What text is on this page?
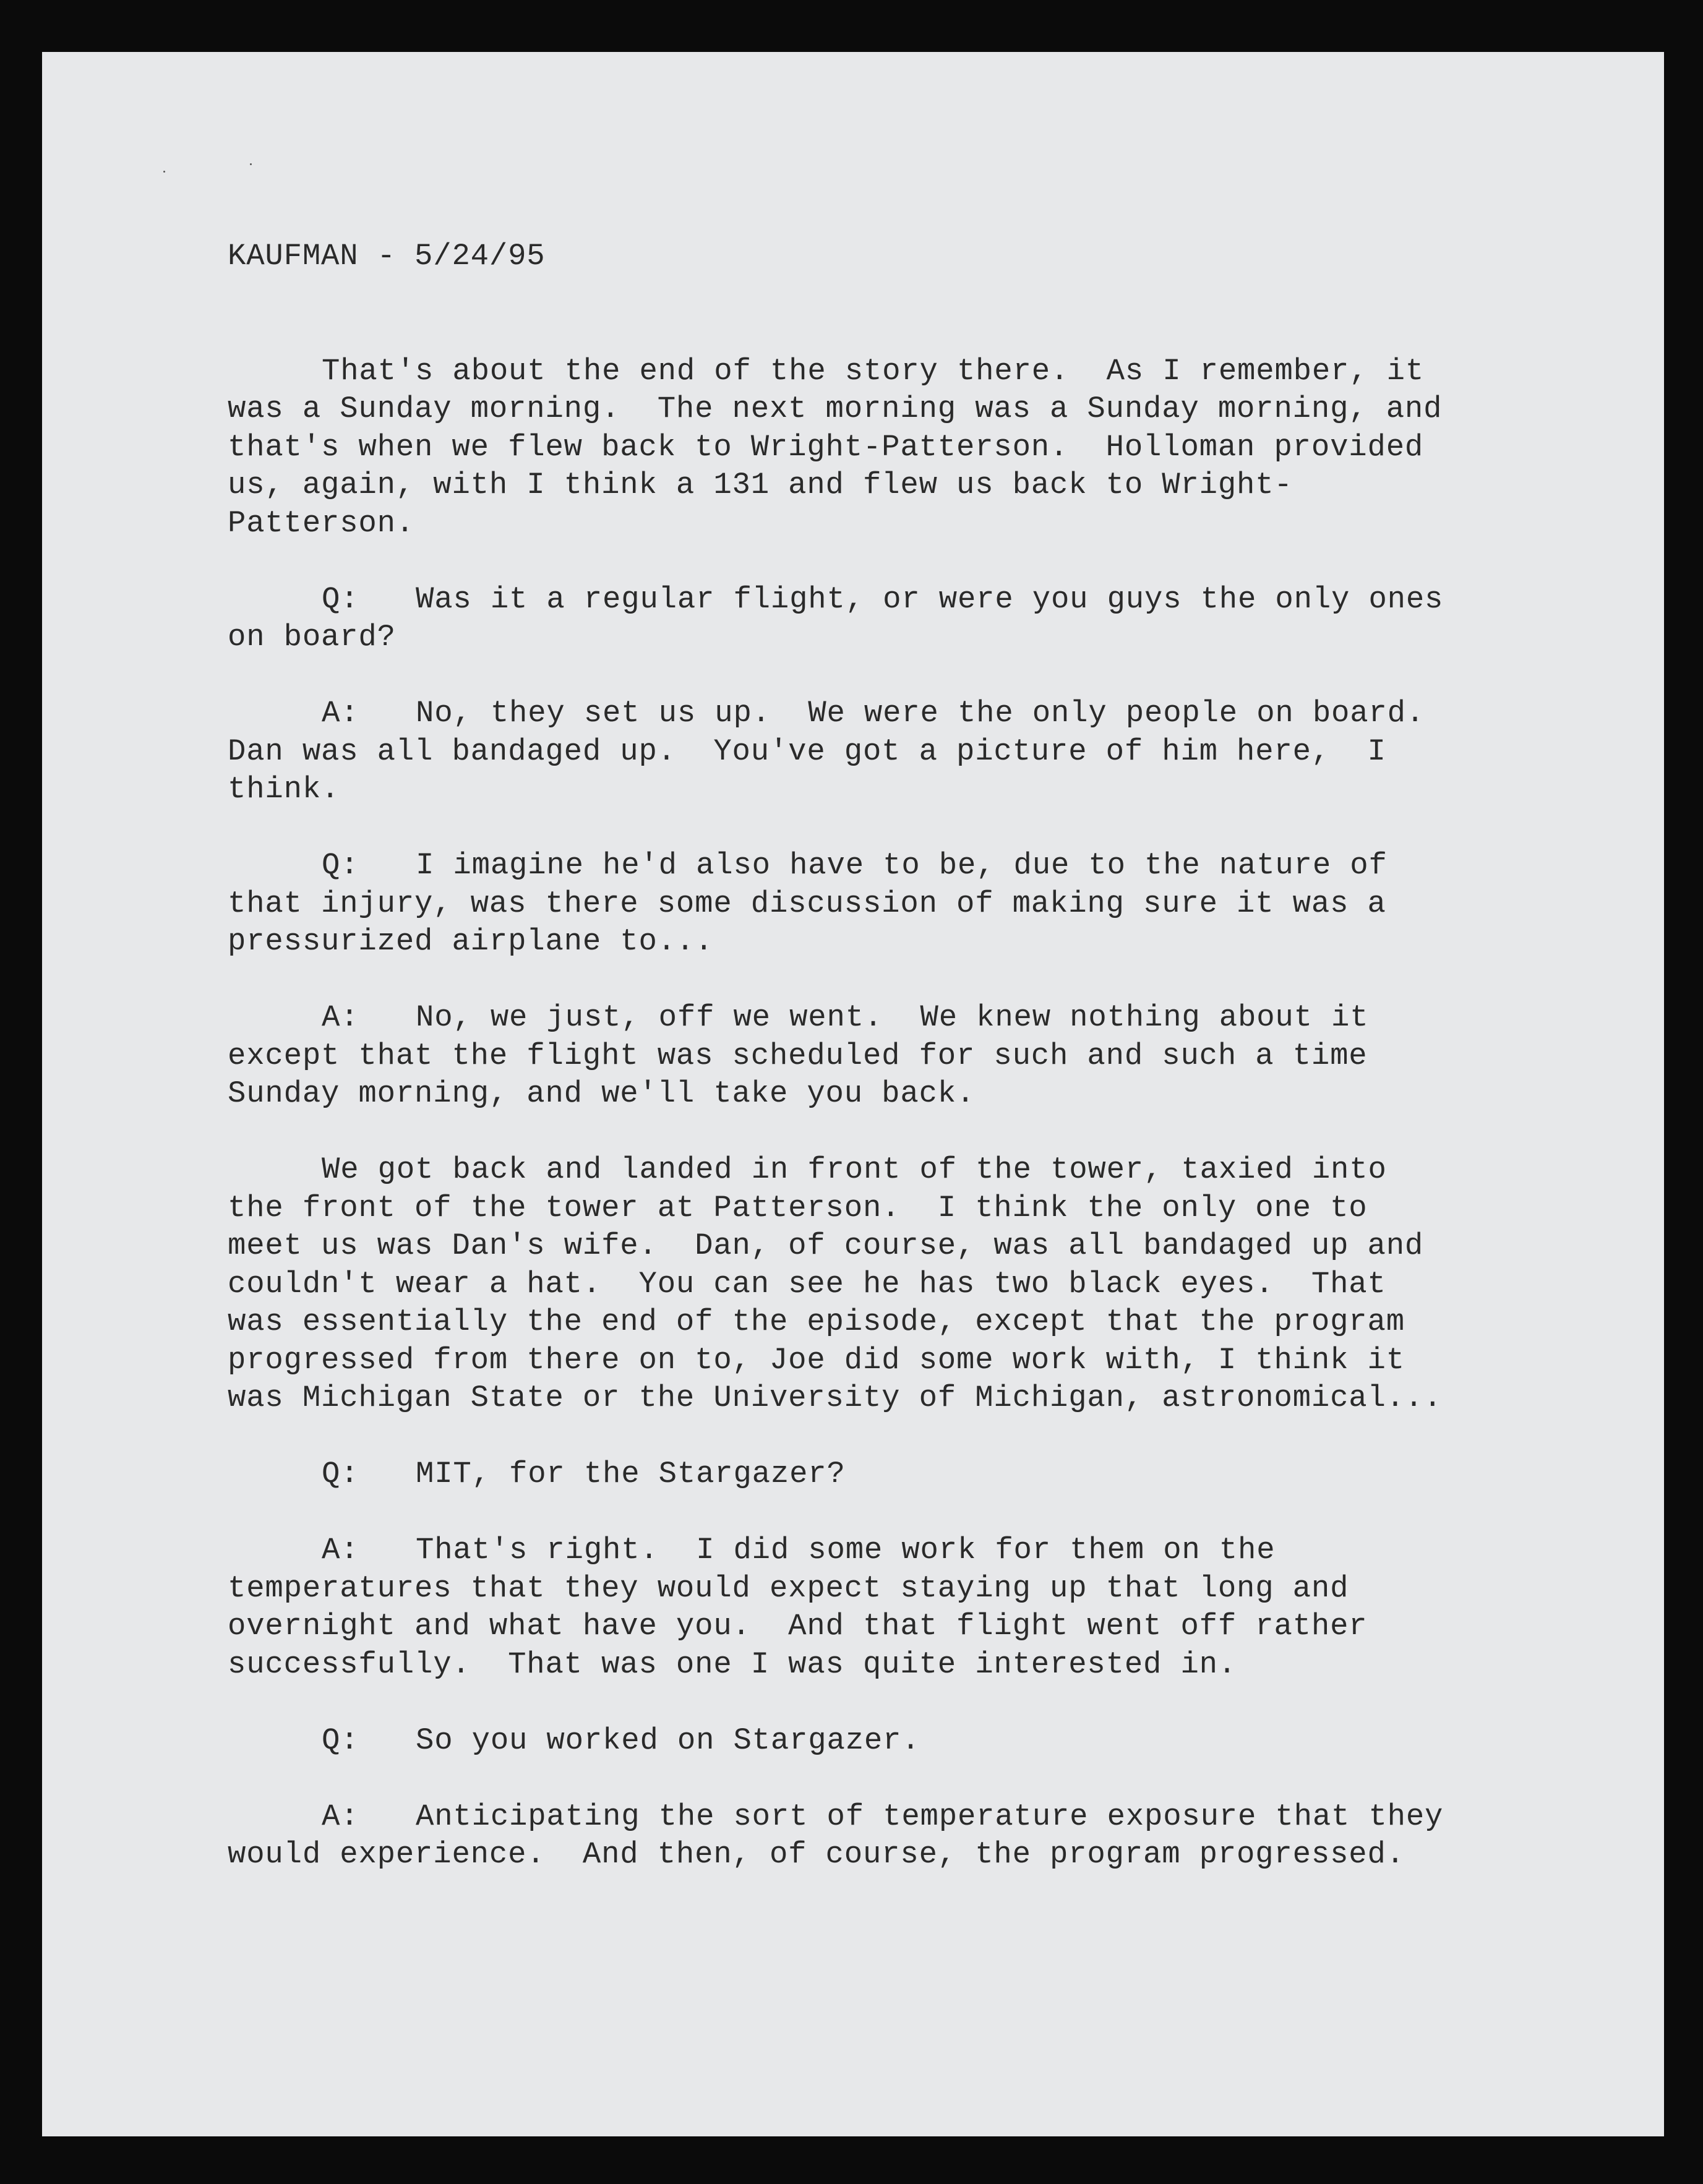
KAUFMAN - 5/24/95
That's about the end of the story there.  As I remember, it
was a Sunday morning.  The next morning was a Sunday morning, and
that's when we flew back to Wright-Patterson.  Holloman provided
us, again, with I think a 131 and flew us back to Wright-
Patterson.
Q: Was it a regular flight, or were you guys the only ones
on board?
A: No, they set us up.  We were the only people on board.
Dan was all bandaged up.  You've got a picture of him here,  I
think.
Q: I imagine he'd also have to be, due to the nature of
that injury, was there some discussion of making sure it was a
pressurized airplane to...
A: No, we just, off we went.  We knew nothing about it
except that the flight was scheduled for such and such a time
Sunday morning, and we'll take you back.
We got back and landed in front of the tower, taxied into
the front of the tower at Patterson.  I think the only one to
meet us was Dan's wife.  Dan, of course, was all bandaged up and
couldn't wear a hat.  You can see he has two black eyes.  That
was essentially the end of the episode, except that the program
progressed from there on to, Joe did some work with, I think it
was Michigan State or the University of Michigan, astronomical...
Q: MIT, for the Stargazer?
A: That's right.  I did some work for them on the
temperatures that they would expect staying up that long and
overnight and what have you.  And that flight went off rather
successfully.  That was one I was quite interested in.
Q: So you worked on Stargazer.
A: Anticipating the sort of temperature exposure that they
would experience.  And then, of course, the program progressed.
